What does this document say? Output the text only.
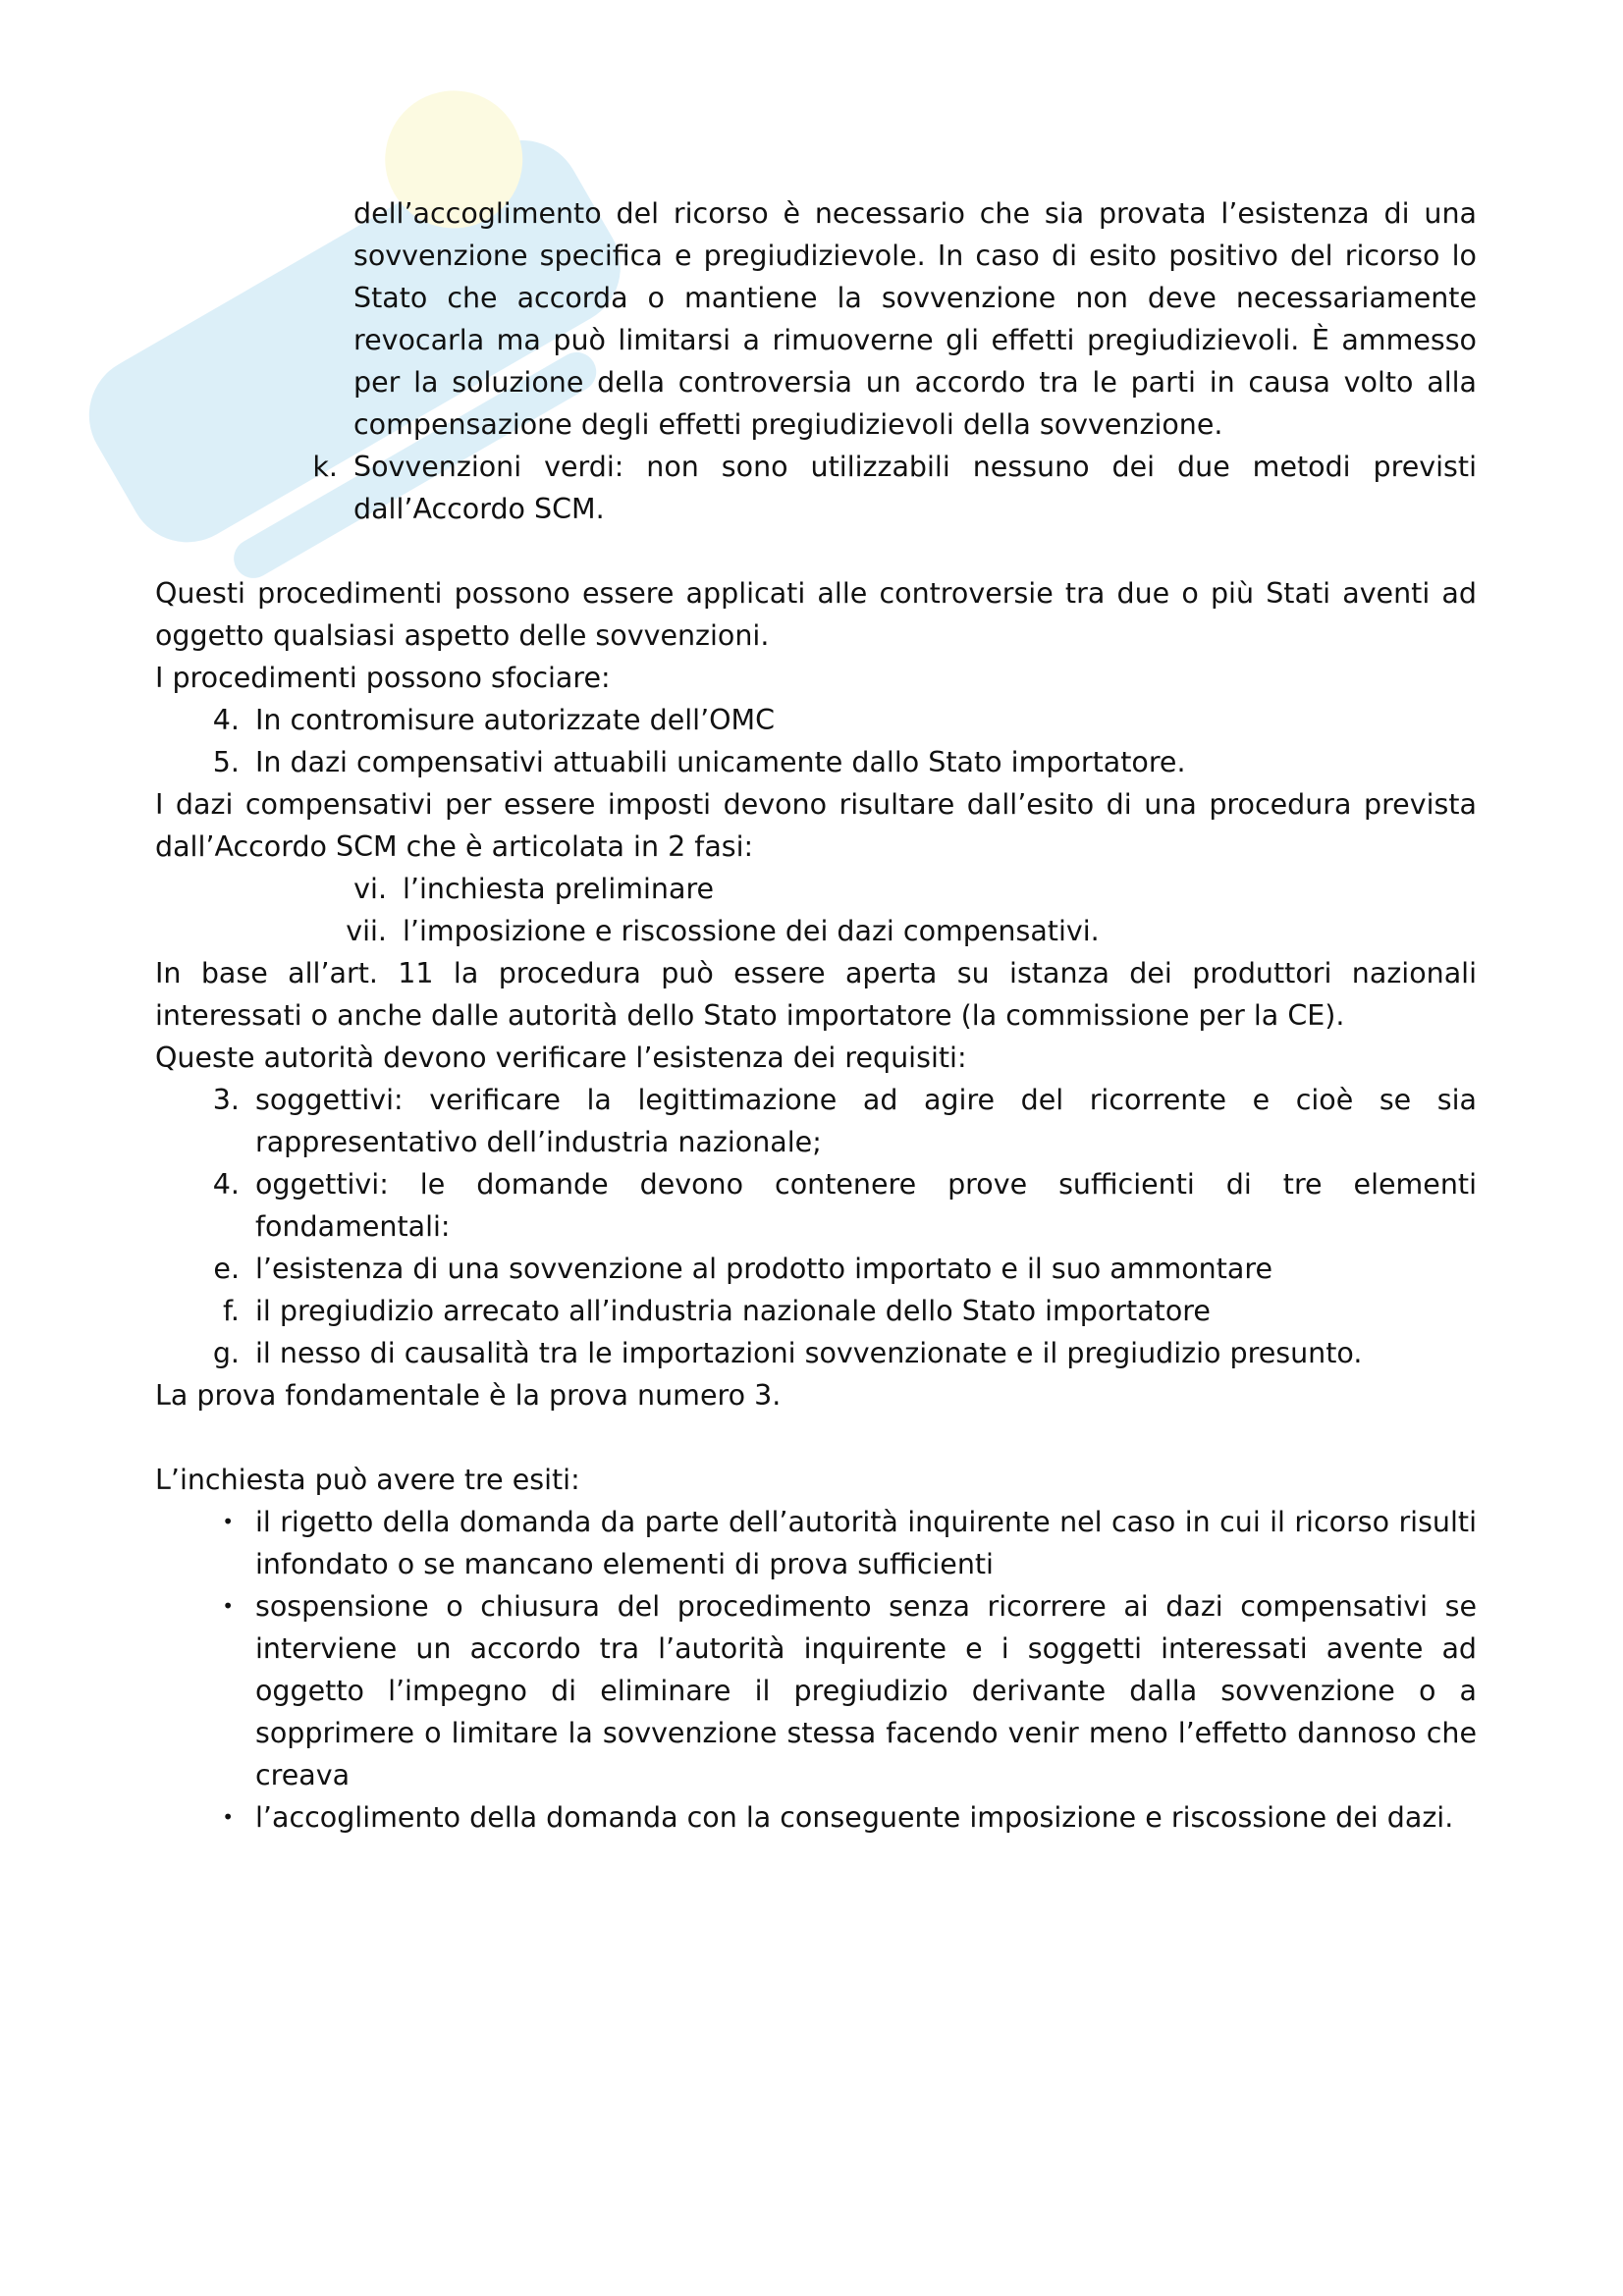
dell’accoglimento del ricorso è necessario che sia provata l’esistenza di una sovvenzione specifica e pregiudizievole. In caso di esito positivo del ricorso lo Stato che accorda o mantiene la sovvenzione non deve necessariamente revocarla ma può limitarsi a rimuoverne gli effetti pregiudizievoli. È ammesso per la soluzione della controversia un accordo tra le parti in causa volto alla compensazione degli effetti pregiudizievoli della sovvenzione.

k. Sovvenzioni verdi: non sono utilizzabili nessuno dei due metodi previsti dall’Accordo SCM.

Questi procedimenti possono essere applicati alle controversie tra due o più Stati aventi ad oggetto qualsiasi aspetto delle sovvenzioni.

I procedimenti possono sfociare:

4. In contromisure autorizzate dell’OMC
5. In dazi compensativi attuabili unicamente dallo Stato importatore.

I dazi compensativi per essere imposti devono risultare dall’esito di una procedura prevista dall’Accordo SCM che è articolata in 2 fasi:

vi. l’inchiesta preliminare
vii. l’imposizione e riscossione dei dazi compensativi.

In base all’art. 11 la procedura può essere aperta su istanza dei produttori nazionali interessati o anche dalle autorità dello Stato importatore (la commissione per la CE).

Queste autorità devono verificare l’esistenza dei requisiti:

3. soggettivi: verificare la legittimazione ad agire del ricorrente e cioè se sia rappresentativo dell’industria nazionale;
4. oggettivi: le domande devono contenere prove sufficienti di tre elementi fondamentali:
e. l’esistenza di una sovvenzione al prodotto importato e il suo ammontare
f. il pregiudizio arrecato all’industria nazionale dello Stato importatore
g. il nesso di causalità tra le importazioni sovvenzionate e il pregiudizio presunto.

La prova fondamentale è la prova numero 3.

L’inchiesta può avere tre esiti:

• il rigetto della domanda da parte dell’autorità inquirente nel caso in cui il ricorso risulti infondato o se mancano elementi di prova sufficienti
• sospensione o chiusura del procedimento senza ricorrere ai dazi compensativi se interviene un accordo tra l’autorità inquirente e i soggetti interessati avente ad oggetto l’impegno di eliminare il pregiudizio derivante dalla sovvenzione o a sopprimere o limitare la sovvenzione stessa facendo venir meno l’effetto dannoso che creava
• l’accoglimento della domanda con la conseguente imposizione e riscossione dei dazi.
